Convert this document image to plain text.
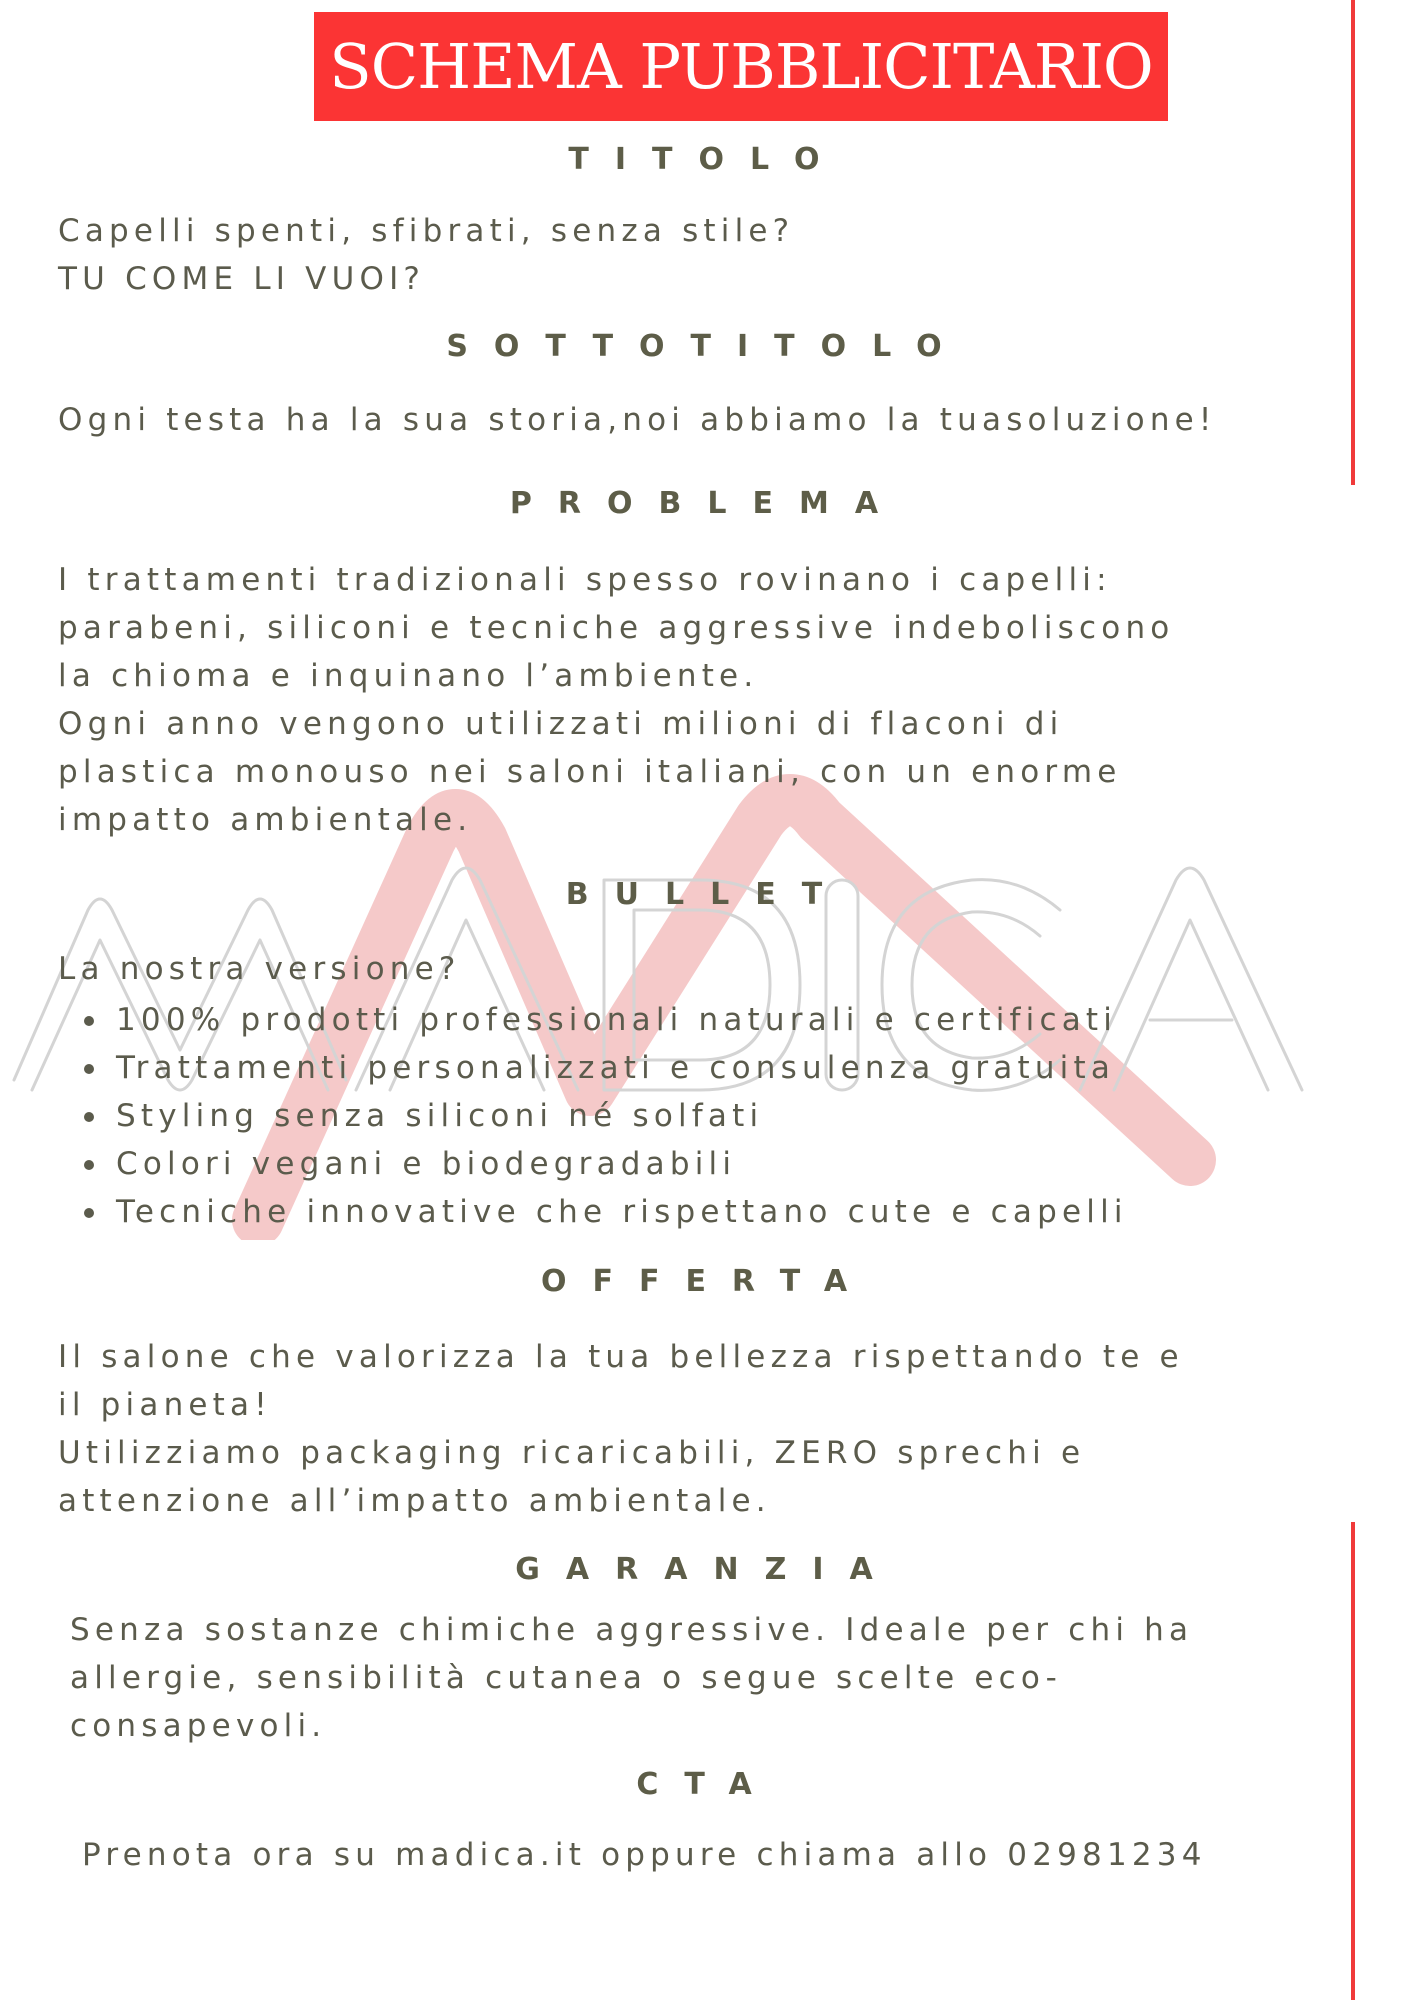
SCHEMA PUBBLICITARIO
TITOLO
Capelli spenti, sfibrati, senza stile?
TU COME LI VUOI?
SOTTOTITOLO
Ogni testa ha la sua storia,noi abbiamo la tuasoluzione!
PROBLEMA
I trattamenti tradizionali spesso rovinano i capelli:
parabeni, siliconi e tecniche aggressive indeboliscono
la chioma e inquinano l’ambiente.
Ogni anno vengono utilizzati milioni di flaconi di
plastica monouso nei saloni italiani, con un enorme
impatto ambientale.
BULLET
La nostra versione?
100% prodotti professionali naturali e certificati
Trattamenti personalizzati e consulenza gratuita
Styling senza siliconi né solfati
Colori vegani e biodegradabili
Tecniche innovative che rispettano cute e capelli
OFFERTA
Il salone che valorizza la tua bellezza rispettando te e
il pianeta!
Utilizziamo packaging ricaricabili, ZERO sprechi e
attenzione all’impatto ambientale.
GARANZIA
Senza sostanze chimiche aggressive. Ideale per chi ha
allergie, sensibilità cutanea o segue scelte eco-
consapevoli.
CTA
Prenota ora su madica.it oppure chiama allo 02981234
